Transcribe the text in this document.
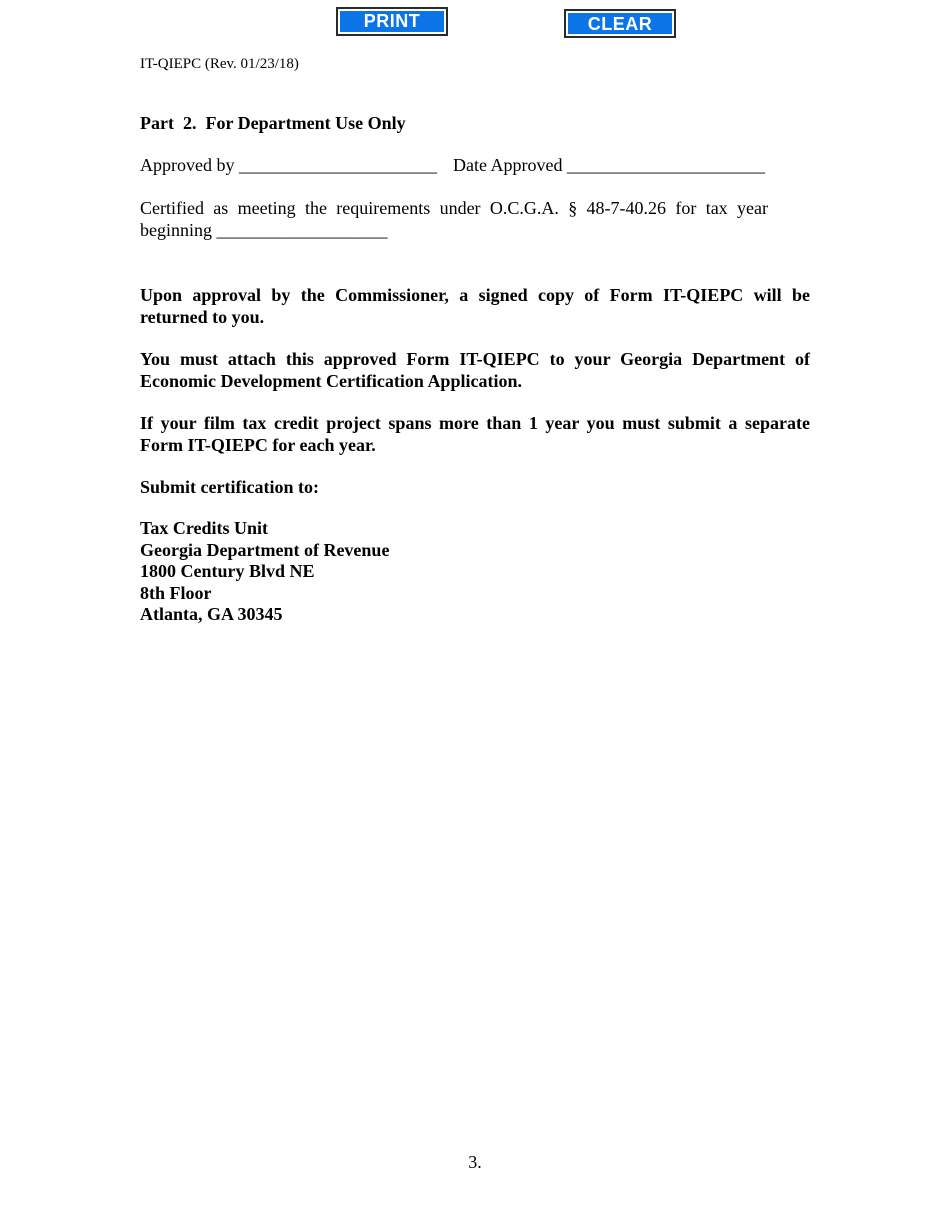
PRINT	CLEAR
IT-QIEPC (Rev. 01/23/18)
Part  2.  For Department Use Only
Approved by ______________________ Date Approved ______________________
Certified as meeting the requirements under O.C.G.A. § 48-7-40.26 for tax year beginning ___________________
Upon approval by the Commissioner, a signed copy of Form IT-QIEPC will be returned to you.
You must attach this approved Form IT-QIEPC to your Georgia Department of Economic Development Certification Application.
If your film tax credit project spans more than 1 year you must submit a separate Form IT-QIEPC for each year.
Submit certification to:
Tax Credits Unit
Georgia Department of Revenue
1800 Century Blvd NE
8th Floor
Atlanta, GA 30345
3.
